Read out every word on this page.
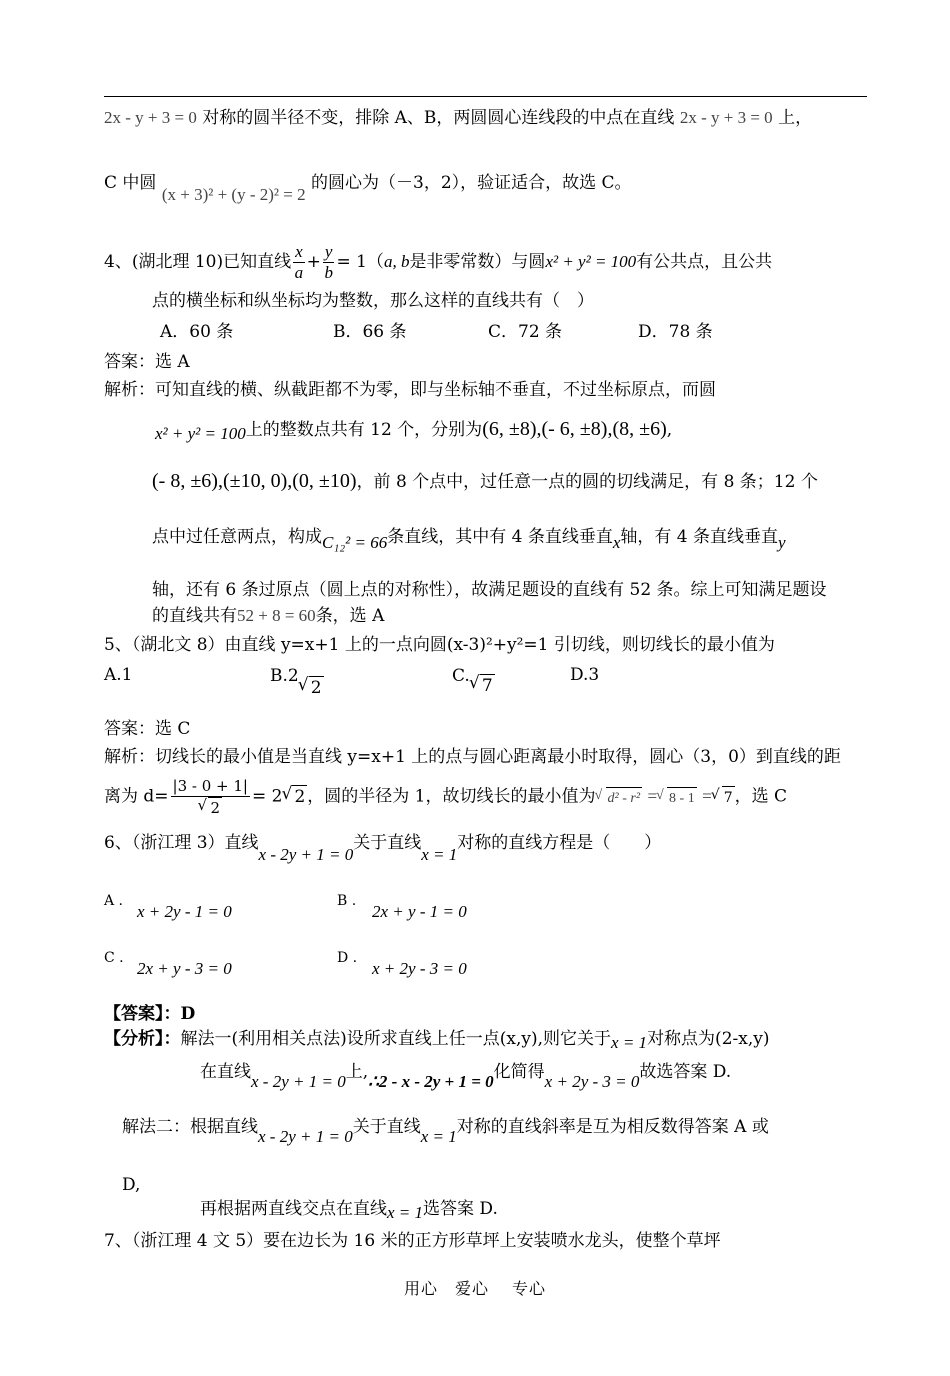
2x - y + 3 = 0 对称的圆半径不变，排除 A、B，两圆圆心连线段的中点在直线 2x - y + 3 = 0 上，
C 中圆 (x + 3)² + (y - 2)² = 2 的圆心为（－3，2），验证适合，故选 C。
4、(湖北理 10)已知直线 $\frac{x}{a} + \frac{y}{b} = 1(a$, b是非零常数）与圆x² + y² = 100有公共点，且公共
点的横坐标和纵坐标均为整数，那么这样的直线共有（　）
A．60 条	B．66 条	C．72 条	D．78 条
答案：选 A
解析：可知直线的横、纵截距都不为零，即与坐标轴不垂直，不过坐标原点，而圆
x² + y² = 100上的整数点共有 12 个，分别为(6, ±8),(- 6, ±8),(8, ±6),
(- 8, ±6),(±10, 0),(0, ±10)，前 8 个点中，过任意一点的圆的切线满足，有 8 条；12 个
点中过任意两点，构成C₁₂² = 66条直线，其中有 4 条直线垂直x轴，有 4 条直线垂直y
轴，还有 6 条过原点（圆上点的对称性），故满足题设的直线有 52 条。综上可知满足题设
的直线共有52 + 8 = 60条，选 A
5、（湖北文 8）由直线 y=x+1 上的一点向圆(x-3)²+y²=1 引切线，则切线长的最小值为
A.1	B.2√ 2
C. √ 7
D.3
答案：选 C
解析：切线长的最小值是当直线 y=x+1 上的点与圆心距离最小时取得，圆心（3，0）到直线的距
离为 d= |3 - 0 + 1|
√ 2 = 2 √ 2 ，圆的半径为 1，故切线长的最小值为 √ d² - r² = √ 8 - 1 = √ 7 ，选 C
6、（浙江理 3）直线x - 2y + 1 = 0关于直线x = 1对称的直线方程是（　　）
A .
x + 2y - 1 = 0
B .
2x + y - 1 = 0
C .
2x + y - 3 = 0
D .
x + 2y - 3 = 0
【答案】：D
【分析】：解法一(利用相关点法)设所求直线上任一点(x,y),则它关于x = 1对称点为(2-x,y)
在直线x - 2y + 1 = 0上,∴2 - x - 2y + 1 = 0化简得x + 2y - 3 = 0故选答案 D.
解法二：根据直线x - 2y + 1 = 0关于直线x = 1对称的直线斜率是互为相反数得答案 A 或
D,
再根据两直线交点在直线x = 1选答案 D.
7、（浙江理 4 文 5）要在边长为 16 米的正方形草坪上安装喷水龙头，使整个草坪
用心　爱心　 专心
